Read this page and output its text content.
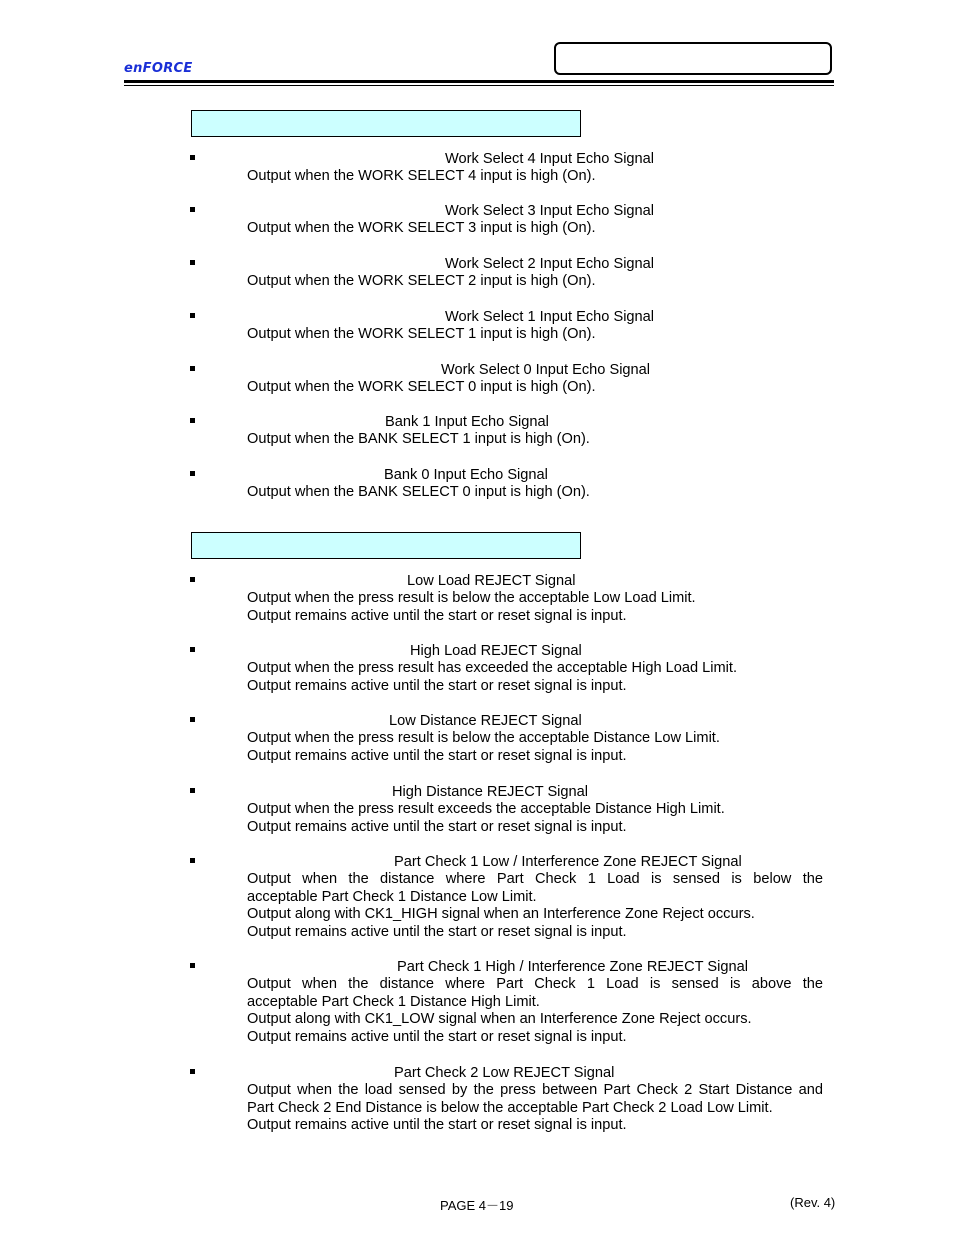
enFORCE
Work Select 4 Input Echo Signal
Output when the WORK SELECT 4 input is high (On).
Work Select 3 Input Echo Signal
Output when the WORK SELECT 3 input is high (On).
Work Select 2 Input Echo Signal
Output when the WORK SELECT 2 input is high (On).
Work Select 1 Input Echo Signal
Output when the WORK SELECT 1 input is high (On).
Work Select 0 Input Echo Signal
Output when the WORK SELECT 0 input is high (On).
Bank 1 Input Echo Signal
Output when the BANK SELECT 1 input is high (On).
Bank 0 Input Echo Signal
Output when the BANK SELECT 0 input is high (On).
Low Load REJECT Signal
Output when the press result is below the acceptable Low Load Limit.
Output remains active until the start or reset signal is input.
High Load REJECT Signal
Output when the press result has exceeded the acceptable High Load Limit.
Output remains active until the start or reset signal is input.
Low Distance REJECT Signal
Output when the press result is below the acceptable Distance Low Limit.
Output remains active until the start or reset signal is input.
High Distance REJECT Signal
Output when the press result exceeds the acceptable Distance High Limit.
Output remains active until the start or reset signal is input.
Part Check 1 Low / Interference Zone REJECT Signal
Output when the distance where Part Check 1 Load is sensed is below the
acceptable Part Check 1 Distance Low Limit.
Output along with CK1_HIGH signal when an Interference Zone Reject occurs.
Output remains active until the start or reset signal is input.
Part Check 1 High / Interference Zone REJECT Signal
Output when the distance where Part Check 1 Load is sensed is above the
acceptable Part Check 1 Distance High Limit.
Output along with CK1_LOW signal when an Interference Zone Reject occurs.
Output remains active until the start or reset signal is input.
Part Check 2 Low REJECT Signal
Output when the load sensed by the press between Part Check 2 Start Distance and
Part Check 2 End Distance is below the acceptable Part Check 2 Load Low Limit.
Output remains active until the start or reset signal is input.
PAGE 4－19	(Rev. 4)
